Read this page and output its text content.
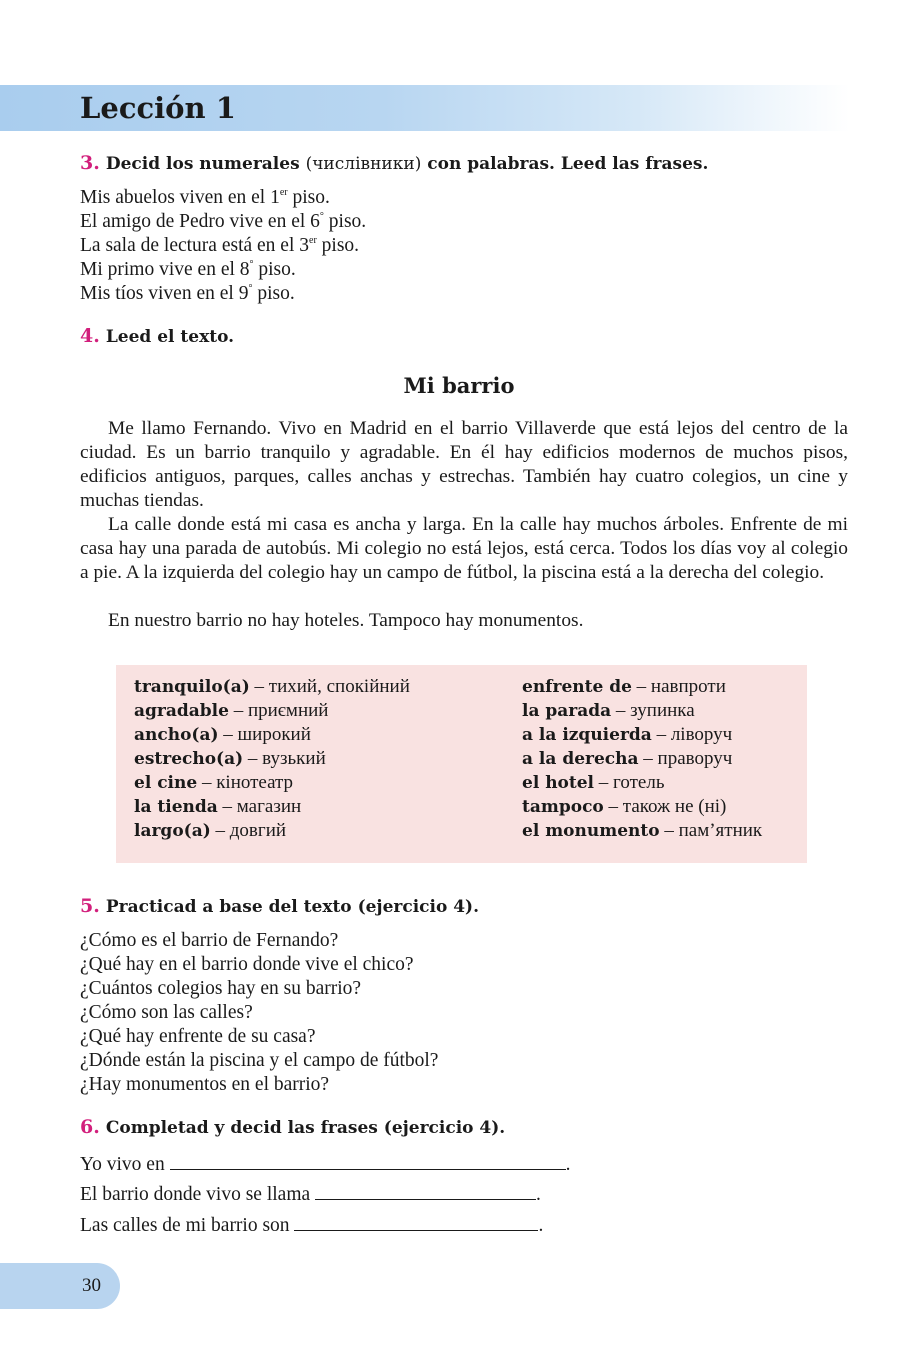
Lección 1

3. Decid los numerales (числівники) con palabras. Leed las frases.

Mis abuelos viven en el 1er piso.
El amigo de Pedro vive en el 6° piso.
La sala de lectura está en el 3er piso.
Mi primo vive en el 8° piso.
Mis tíos viven en el 9° piso.

4. Leed el texto.

Mi barrio

Me llamo Fernando. Vivo en Madrid en el barrio Villaverde que está lejos del centro de la ciudad. Es un barrio tranquilo y agradable. En él hay edificios modernos de muchos pisos, edificios antiguos, parques, calles anchas y estrechas. También hay cuatro colegios, un cine y muchas tiendas.

La calle donde está mi casa es ancha y larga. En la calle hay muchos árboles. Enfrente de mi casa hay una parada de autobús. Mi colegio no está lejos, está cerca. Todos los días voy al colegio a pie. A la izquierda del colegio hay un campo de fútbol, la piscina está a la derecha del colegio.

En nuestro barrio no hay hoteles. Tampoco hay monumentos.

tranquilo(a) – тихий, спокійний
agradable – приємний
ancho(a) – широкий
estrecho(a) – вузький
el cine – кінотеатр
la tienda – магазин
largo(a) – довгий
enfrente de – навпроти
la parada – зупинка
a la izquierda – ліворуч
a la derecha – праворуч
el hotel – готель
tampoco – також не (ні)
el monumento – пам’ятник

5. Practicad a base del texto (ejercicio 4).

¿Cómo es el barrio de Fernando?
¿Qué hay en el barrio donde vive el chico?
¿Cuántos colegios hay en su barrio?
¿Cómo son las calles?
¿Qué hay enfrente de su casa?
¿Dónde están la piscina y el campo de fútbol?
¿Hay monumentos en el barrio?

6. Completad y decid las frases (ejercicio 4).

Yo vivo en	.

El barrio donde vivo se llama	.

Las calles de mi barrio son	.

30
